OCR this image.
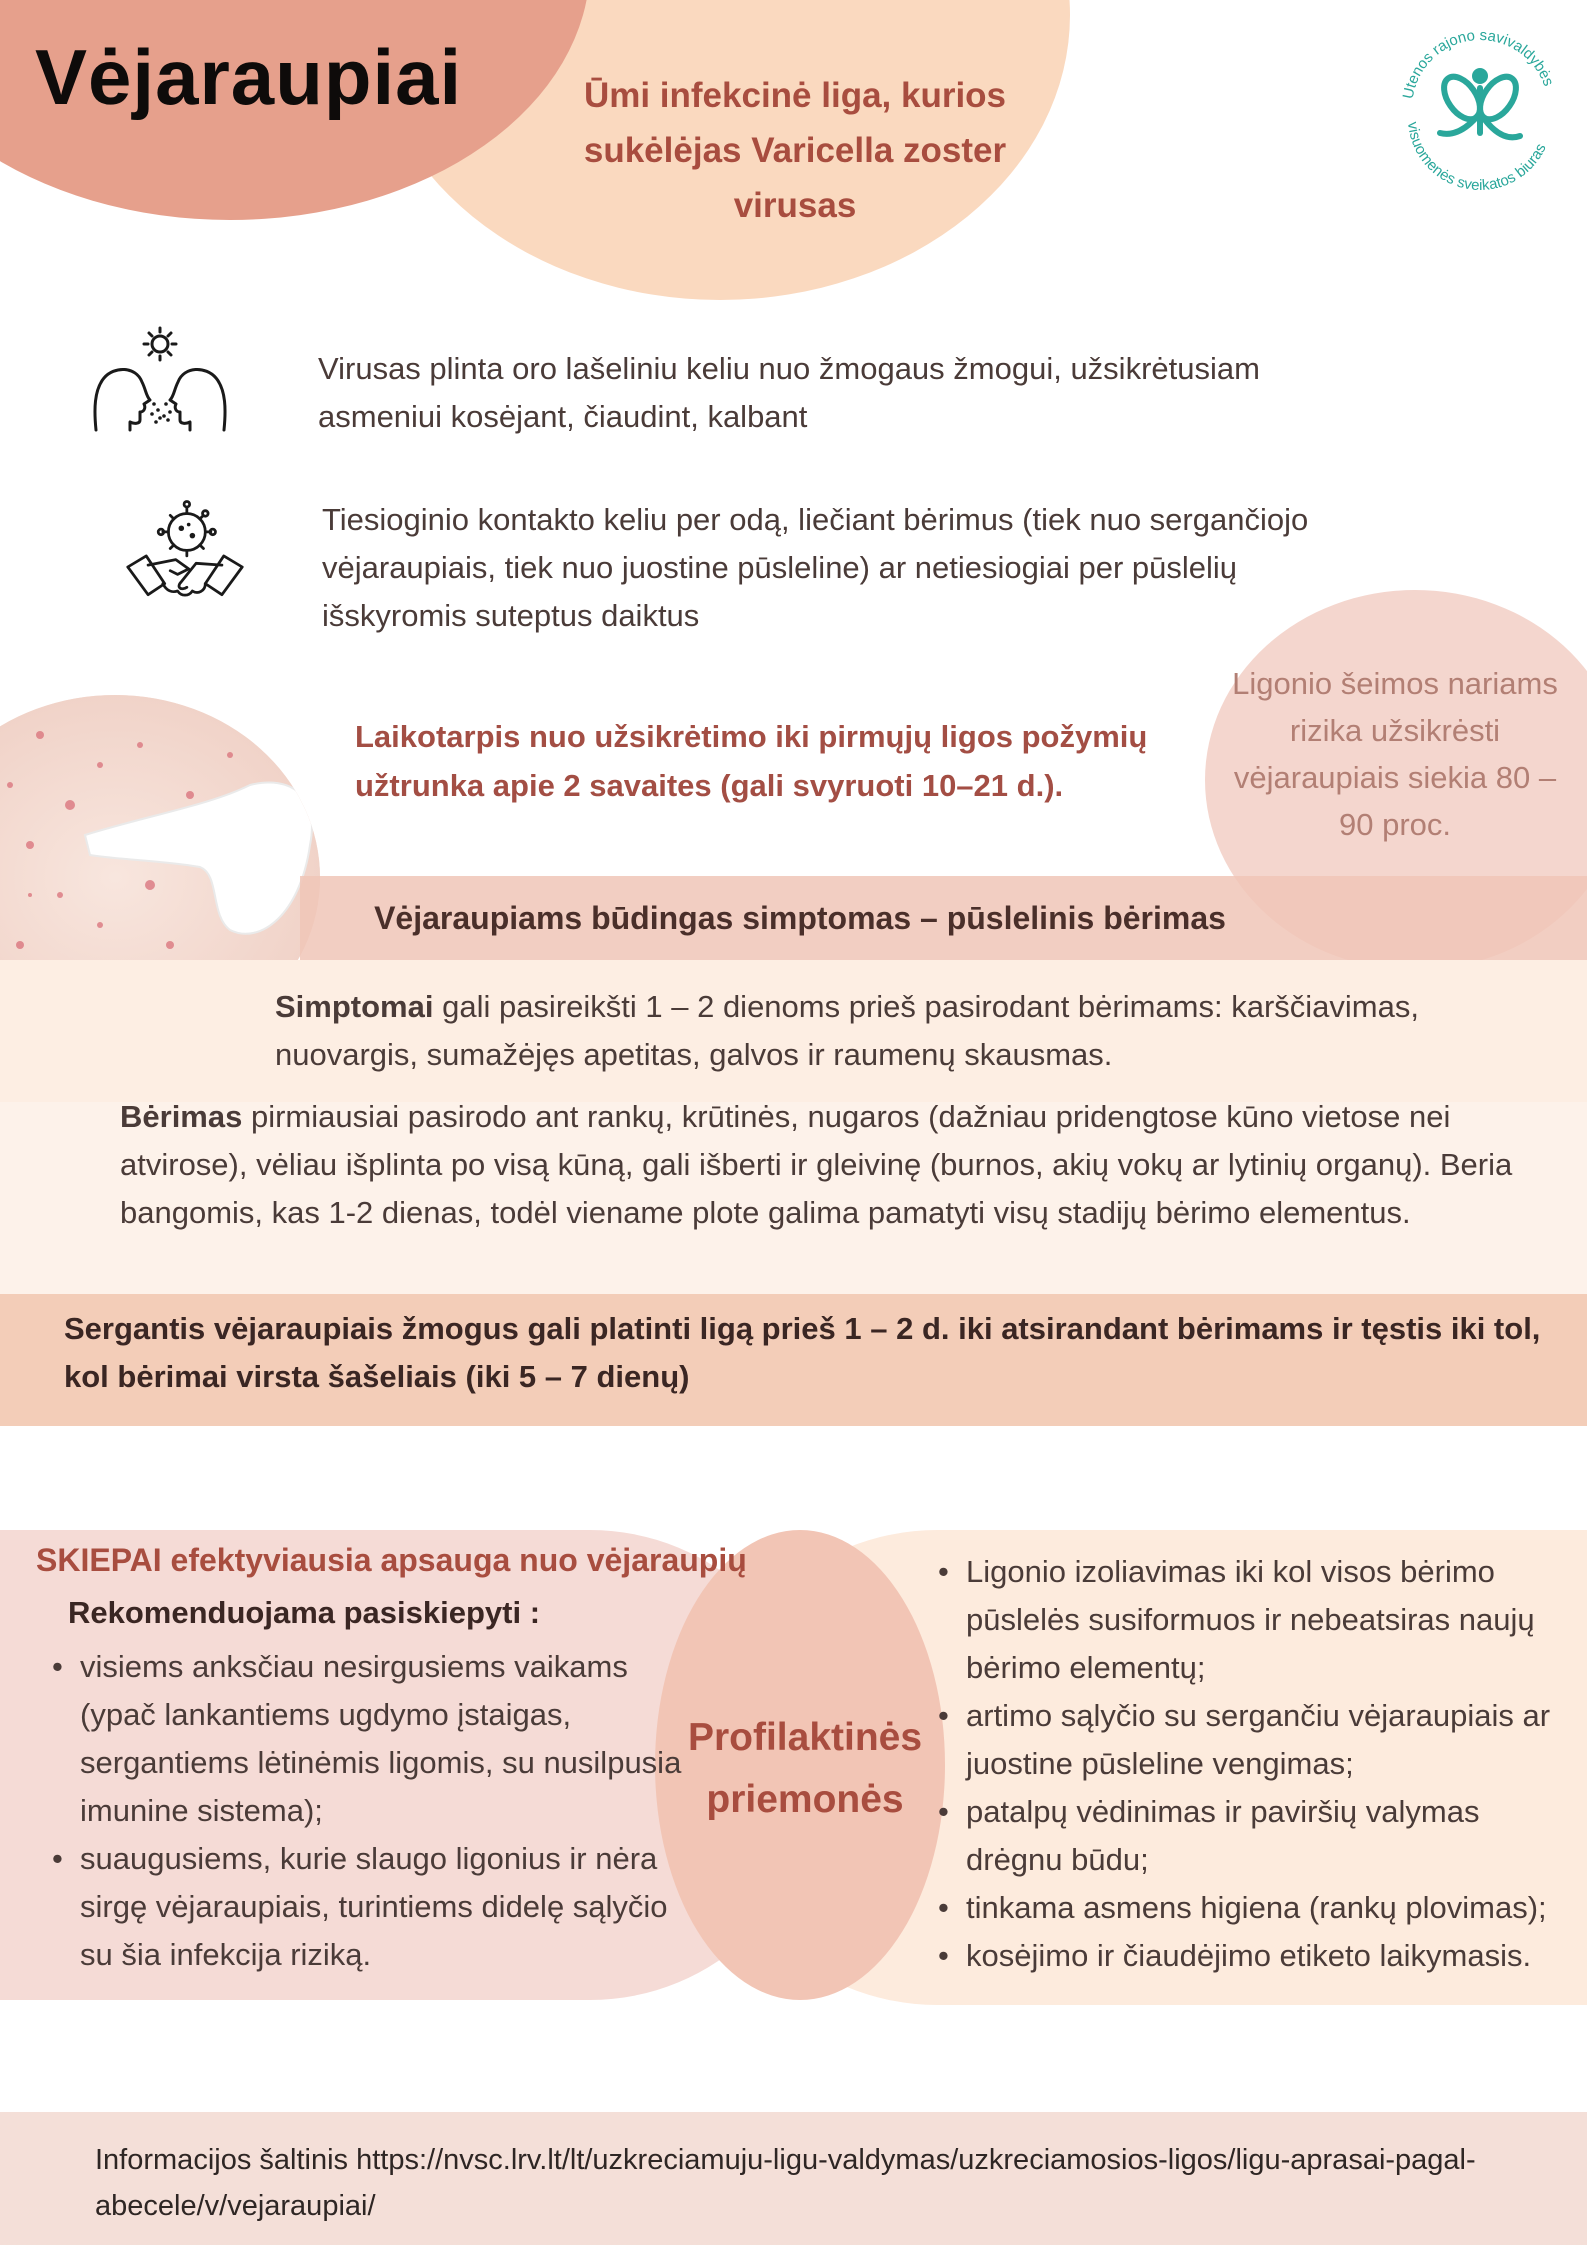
Vėjaraupiai	Ūmi infekcinė liga, kurios sukėlėjas Varicella zoster virusas
Utenos rajono savivaldybės
visuomenės sveikatos biuras
Virusas plinta oro lašeliniu keliu nuo žmogaus žmogui, užsikrėtusiam asmeniui kosėjant, čiaudint, kalbant
Tiesioginio kontakto keliu per odą, liečiant bėrimus (tiek nuo sergančiojo vėjaraupiais, tiek nuo juostine pūsleline) ar netiesiogiai per pūslelių išskyromis suteptus daiktus
Laikotarpis nuo užsikrėtimo iki pirmųjų ligos požymių užtrunka apie 2 savaites (gali svyruoti 10–21 d.).
Ligonio šeimos nariams rizika užsikrėsti vėjaraupiais siekia 80 – 90 proc.
Vėjaraupiams būdingas simptomas – pūslelinis bėrimas
Simptomai gali pasireikšti 1 – 2 dienoms prieš pasirodant bėrimams: karščiavimas, nuovargis, sumažėjęs apetitas, galvos ir raumenų skausmas.
Bėrimas pirmiausiai pasirodo ant rankų, krūtinės, nugaros (dažniau pridengtose kūno vietose nei atvirose), vėliau išplinta po visą kūną, gali išberti ir gleivinę (burnos, akių vokų ar lytinių organų). Beria bangomis, kas 1-2 dienas, todėl viename plote galima pamatyti visų stadijų bėrimo elementus.
Sergantis vėjaraupiais žmogus gali platinti ligą prieš 1 – 2 d. iki atsirandant bėrimams ir tęstis iki tol, kol bėrimai virsta šašeliais (iki 5 – 7 dienų)
Profilaktinės priemonės
SKIEPAI efektyviausia apsauga nuo vėjaraupių
Rekomenduojama pasiskiepyti :
• visiems anksčiau nesirgusiems vaikams (ypač lankantiems ugdymo įstaigas, sergantiems lėtinėmis ligomis, su nusilpusia imunine sistema);
• suaugusiems, kurie slaugo ligonius ir nėra sirgę vėjaraupiais, turintiems didelę sąlyčio su šia infekcija riziką.
• Ligonio izoliavimas iki kol visos bėrimo pūslelės susiformuos ir nebeatsiras naujų bėrimo elementų;
• artimo sąlyčio su sergančiu vėjaraupiais ar juostine pūsleline vengimas;
• patalpų vėdinimas ir paviršių valymas drėgnu būdu;
• tinkama asmens higiena (rankų plovimas);
• kosėjimo ir čiaudėjimo etiketo laikymasis.
Informacijos šaltinis https://nvsc.lrv.lt/lt/uzkreciamuju-ligu-valdymas/uzkreciamosios-ligos/ligu-aprasai-pagal-abecele/v/vejaraupiai/
